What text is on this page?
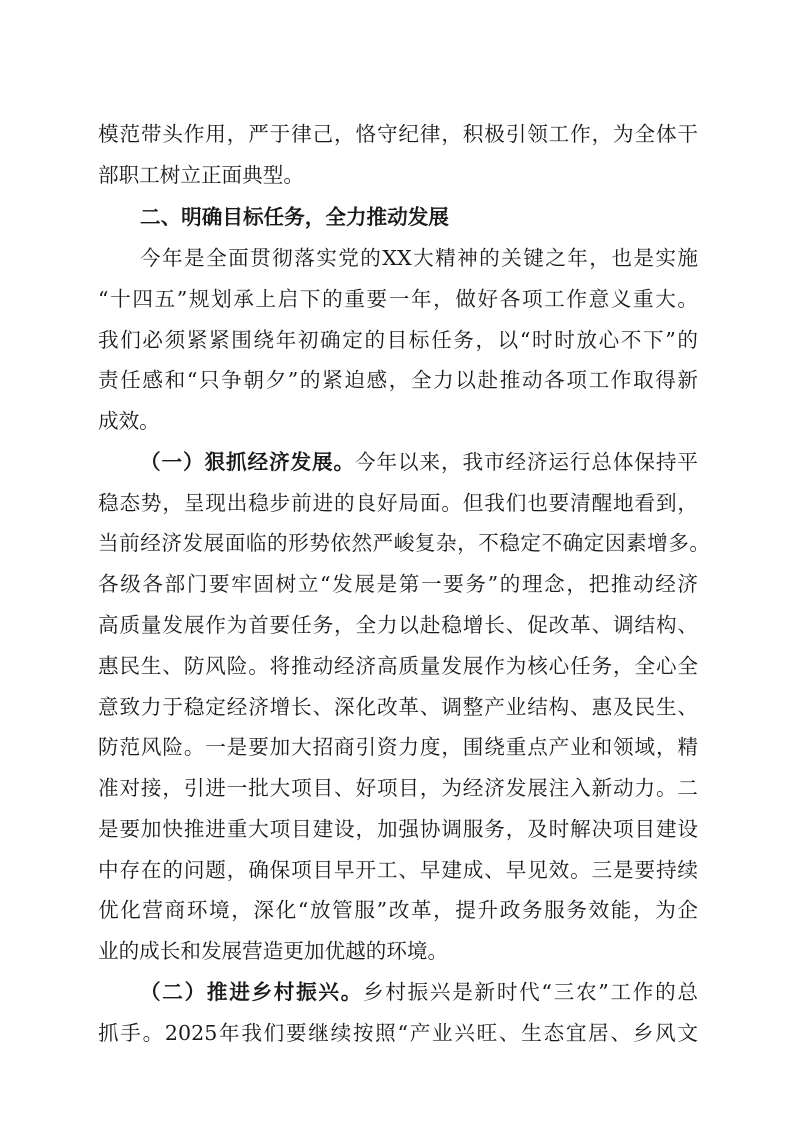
模范带头作用，严于律己，恪守纪律，积极引领工作，为全体干

部职工树立正面典型。

二、明确目标任务，全力推动发展

今年是全面贯彻落实党的XX大精神的关键之年，也是实施

“十四五”规划承上启下的重要一年，做好各项工作意义重大。

我们必须紧紧围绕年初确定的目标任务，以“时时放心不下”的

责任感和“只争朝夕”的紧迫感，全力以赴推动各项工作取得新

成效。

（一）狠抓经济发展。今年以来，我市经济运行总体保持平

稳态势，呈现出稳步前进的良好局面。但我们也要清醒地看到，

当前经济发展面临的形势依然严峻复杂，不稳定不确定因素增多。

各级各部门要牢固树立“发展是第一要务”的理念，把推动经济

高质量发展作为首要任务，全力以赴稳增长、促改革、调结构、

惠民生、防风险。将推动经济高质量发展作为核心任务，全心全

意致力于稳定经济增长、深化改革、调整产业结构、惠及民生、

防范风险。一是要加大招商引资力度，围绕重点产业和领域，精

准对接，引进一批大项目、好项目，为经济发展注入新动力。二

是要加快推进重大项目建设，加强协调服务，及时解决项目建设

中存在的问题，确保项目早开工、早建成、早见效。三是要持续

优化营商环境，深化“放管服”改革，提升政务服务效能，为企

业的成长和发展营造更加优越的环境。

（二）推进乡村振兴。乡村振兴是新时代“三农”工作的总

抓手。2025年我们要继续按照“产业兴旺、生态宜居、乡风文
